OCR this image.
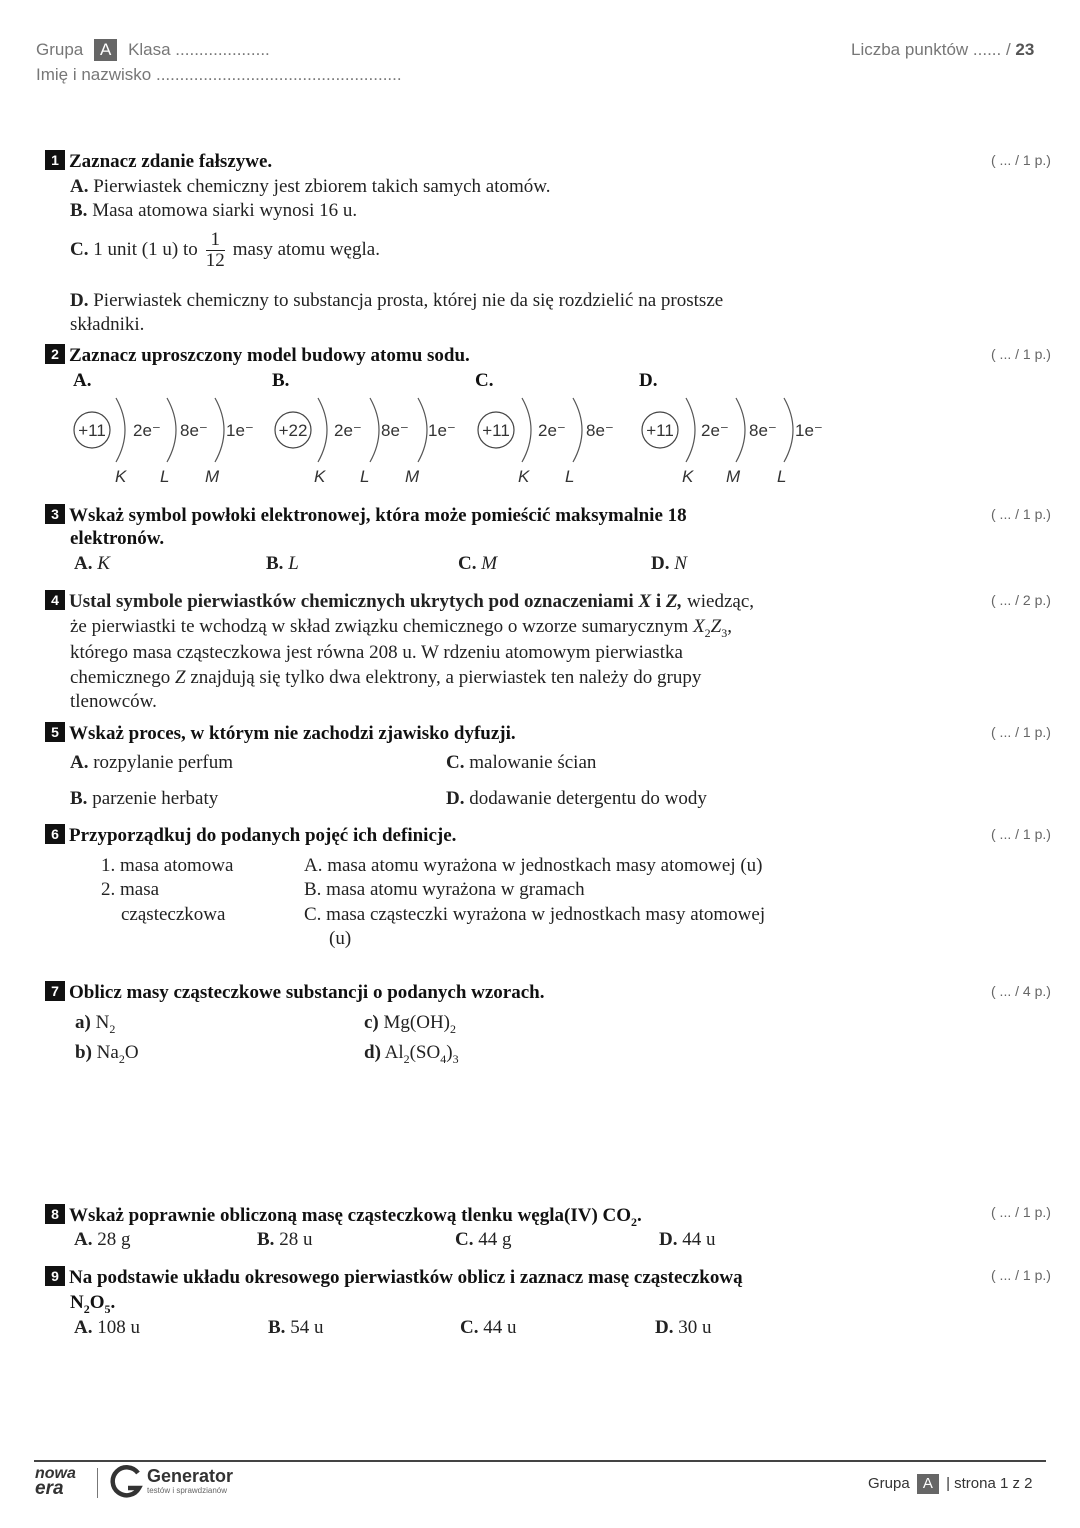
Grupa A Klasa ....................
Imię i nazwisko ....................................................
Liczba punktów ...... / 23
1 Zaznacz zdanie fałszywe.	( ... / 1 p.)
A. Pierwiastek chemiczny jest zbiorem takich samych atomów.
B. Masa atomowa siarki wynosi 16 u.
C. 1 unit (1 u) to $\frac{1}{12}$ masy atomu węgla.
D. Pierwiastek chemiczny to substancja prosta, której nie da się rozdzielić na prostsze
składniki.
2 Zaznacz uproszczony model budowy atomu sodu.	( ... / 1 p.)
A.	B.	C.	D.
+11 2e⁻ 8e⁻ 1e⁻
K L M
+22 2e⁻ 8e⁻ 1e⁻
K L M
+11 2e⁻ 8e⁻
K L
+11 2e⁻ 8e⁻ 1e⁻
K M L
3 Wskaż symbol powłoki elektronowej, która może pomieścić maksymalnie 18
elektronów.
( ... / 1 p.)
A. K	B. L	C. M	D. N
4 Ustal symbole pierwiastków chemicznych ukrytych pod oznaczeniami X i Z, wiedząc,	( ... / 2 p.)
że pierwiastki te wchodzą w skład związku chemicznego o wzorze sumarycznym $X_2Z_3$,
którego masa cząsteczkowa jest równa 208 u. W rdzeniu atomowym pierwiastka
chemicznego Z znajdują się tylko dwa elektrony, a pierwiastek ten należy do grupy
tlenowców.
5 Wskaż proces, w którym nie zachodzi zjawisko dyfuzji.	( ... / 1 p.)
A. rozpylanie perfum	C. malowanie ścian
B. parzenie herbaty	D. dodawanie detergentu do wody
6 Przyporządkuj do podanych pojęć ich definicje.	( ... / 1 p.)
1. masa atomowa
2. masa
cząsteczkowa
A. masa atomu wyrażona w jednostkach masy atomowej (u)
B. masa atomu wyrażona w gramach
C. masa cząsteczki wyrażona w jednostkach masy atomowej
(u)
7 Oblicz masy cząsteczkowe substancji o podanych wzorach.	( ... / 4 p.)
a) $N_2$	c) $Mg(OH)_2$
b) $Na_2O$	d) $Al_2(SO_4)_3$
8 Wskaż poprawnie obliczoną masę cząsteczkową tlenku węgla(IV) $CO_2$.	( ... / 1 p.)
A. 28 g	B. 28 u	C. 44 g	D. 44 u
9 Na podstawie układu okresowego pierwiastków oblicz i zaznacz masę cząsteczkową	( ... / 1 p.)
$N_2O_5$.
A. 108 u	B. 54 u	C. 44 u	D. 30 u
nowa
era
Generator
testów i sprawdzianów	Grupa A | strona 1 z 2
